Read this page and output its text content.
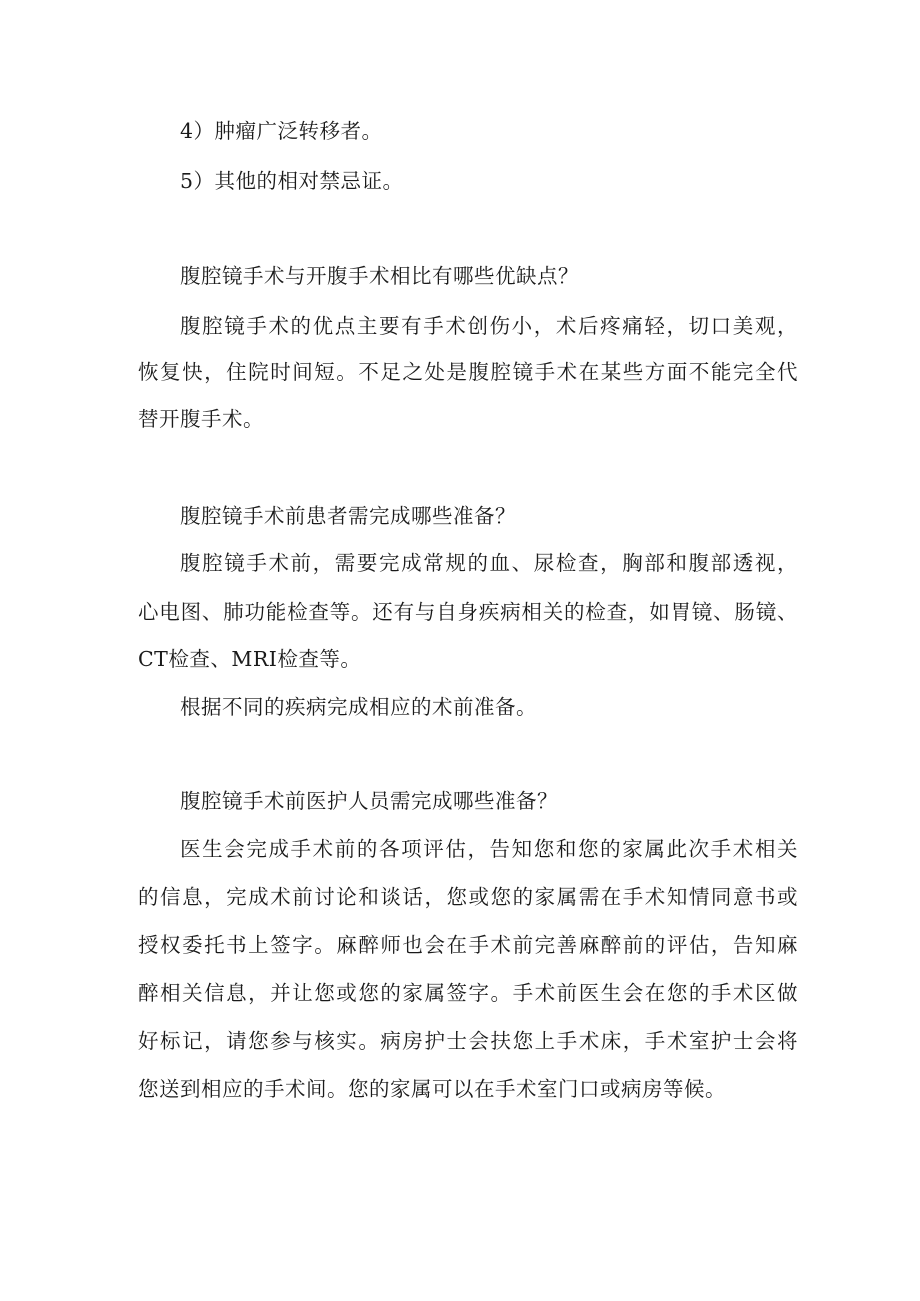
4）肿瘤广泛转移者。
5）其他的相对禁忌证。
腹腔镜手术与开腹手术相比有哪些优缺点？
腹腔镜手术的优点主要有手术创伤小，术后疼痛轻，切口美观，
恢复快，住院时间短。不足之处是腹腔镜手术在某些方面不能完全代
替开腹手术。
腹腔镜手术前患者需完成哪些准备？
腹腔镜手术前，需要完成常规的血、尿检查，胸部和腹部透视，
心电图、肺功能检查等。还有与自身疾病相关的检查，如胃镜、肠镜、
CT检查、MRI检查等。
根据不同的疾病完成相应的术前准备。
腹腔镜手术前医护人员需完成哪些准备？
医生会完成手术前的各项评估，告知您和您的家属此次手术相关
的信息，完成术前讨论和谈话，您或您的家属需在手术知情同意书或
授权委托书上签字。麻醉师也会在手术前完善麻醉前的评估，告知麻
醉相关信息，并让您或您的家属签字。手术前医生会在您的手术区做
好标记，请您参与核实。病房护士会扶您上手术床，手术室护士会将
您送到相应的手术间。您的家属可以在手术室门口或病房等候。
